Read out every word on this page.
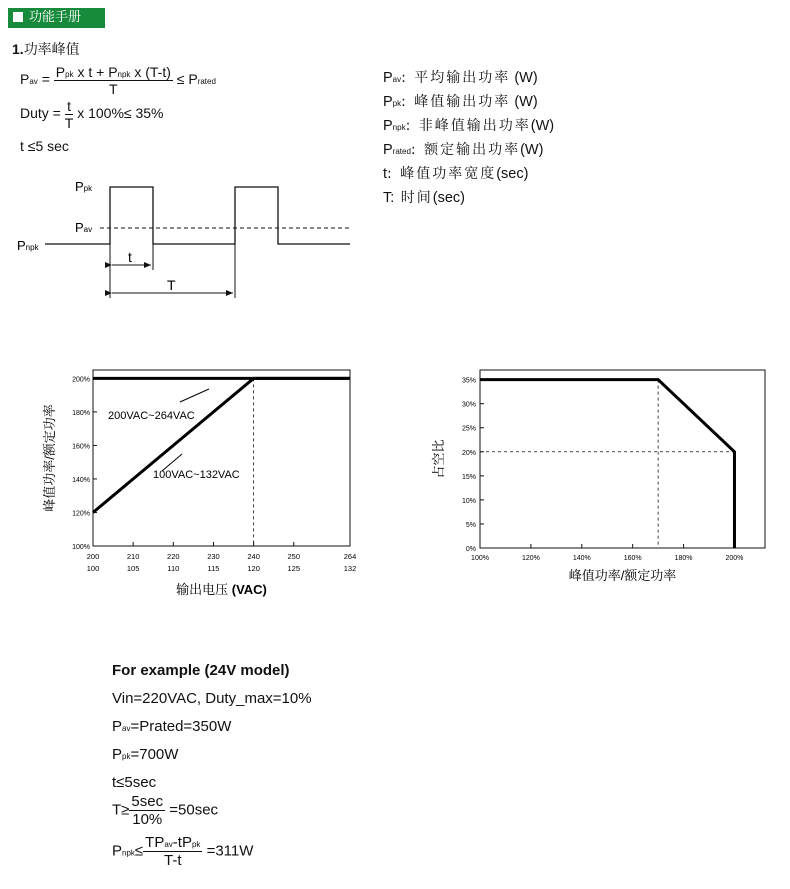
功能手册
1.功率峰值
Pav = $\frac{\text{Ppk x t + Pnpk x (T-t)}}{T}$ ≤ Prated
Duty = $\frac{t}{T}$ x 100%≤ 35%
t ≤5 sec
Pav: 平均输出功率 (W)
Ppk: 峰值输出功率 (W)
Pnpk: 非峰值输出功率(W)
Prated: 额定输出功率(W)
t: 峰值功率宽度(sec)
T: 时间(sec)
Ppk
Pav
Pnpk
t
T
100%
120%
140%
160%
180%
200%
200
100
210
105
220
110
230
115
240
120
250
125
264
132
200VAC~264VAC
100VAC~132VAC
峰值功率/额定功率
输出电压 (VAC)
0%
5%
10%
15%
20%
25%
30%
35%
100%	120%	140%	160%	180%	200%
占空比
峰值功率/额定功率
For example (24V model)
Vin=220VAC, Duty_max=10%
Pav=Prated=350W
Ppk=700W
t≤5sec
$T\ge \frac{5\sec}{10\%} =50\sec$
Pnpk≤ $\frac{\text{TPav-tPpk}}{T-t} =311W$
